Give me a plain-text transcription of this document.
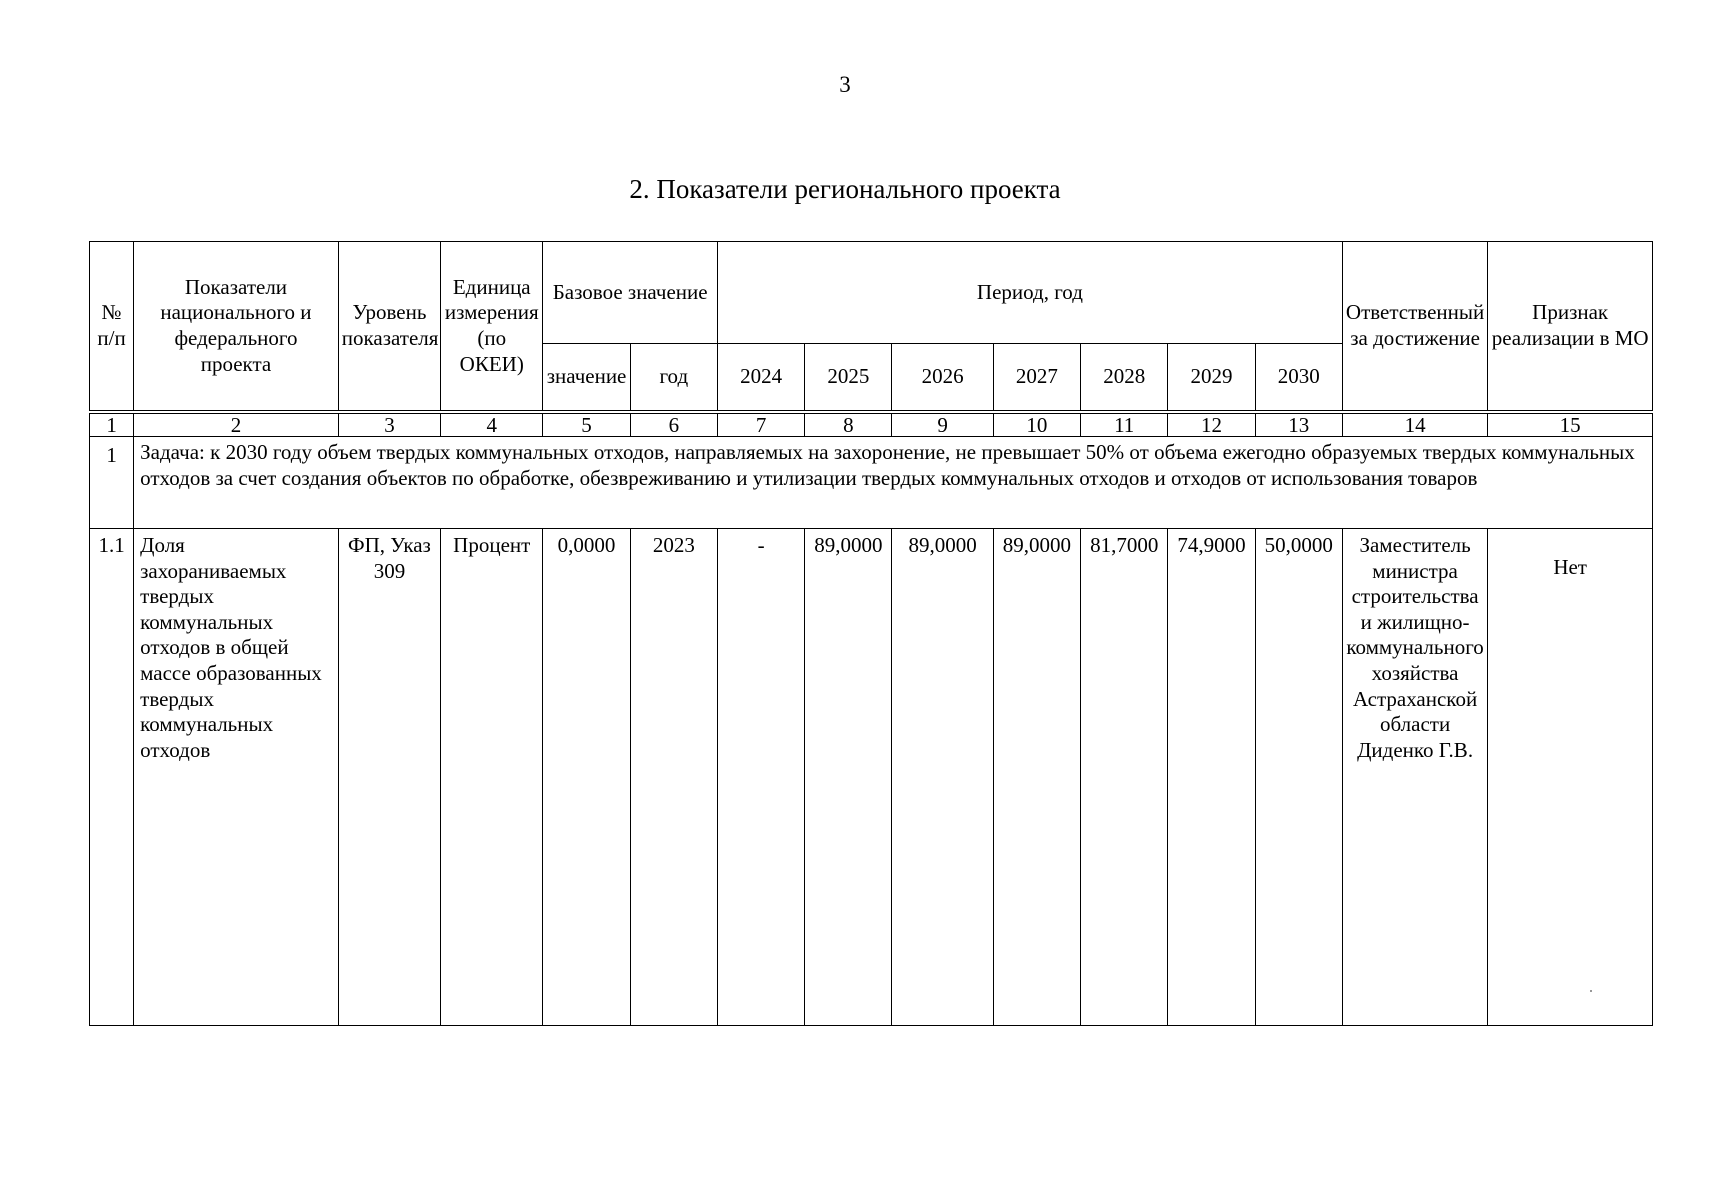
3
2. Показатели регионального проекта
№ п/п	Показатели национального и федерального проекта	Уровень показателя	Единица измерения (по ОКЕИ)	Базовое значение		Период, год							Ответственный за достижение	Признак реализации в МО
				значение	год	2024	2025	2026	2027	2028	2029	2030		
1	2	3	4	5	6	7	8	9	10	11	12	13	14	15
1	Задача: к 2030 году объем твердых коммунальных отходов, направляемых на захоронение, не превышает 50% от объема ежегодно образуемых твердых коммунальных отходов за счет создания объектов по обработке, обезвреживанию и утилизации твердых коммунальных отходов и отходов от использования товаров													
1.1	Доля захораниваемых твердых коммунальных отходов в общей массе образованных твердых коммунальных отходов	ФП, Указ 309	Процент	0,0000	2023	-	89,0000	89,0000	89,0000	81,7000	74,9000	50,0000	Заместитель министра строительства и жилищно-коммунального хозяйства Астраханской области Диденко Г.В.	Нет
